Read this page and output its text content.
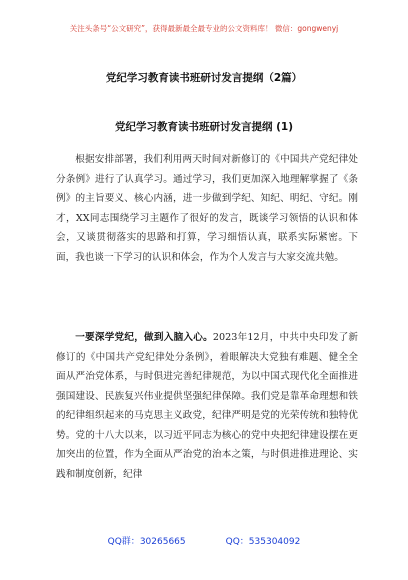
关注头条号“公文研究”，获得最新最全最专业的公文资料库！ 微信：gongwenyj
党纪学习教育读书班研讨发言提纲（2篇）
党纪学习教育读书班研讨发言提纲 (1)

根据安排部署，我们利用两天时间对新修订的《中国共产党纪律处分条例》进行了认真学习。通过学习，我们更加深入地理解掌握了《条例》的主旨要义、核心内涵，进一步做到学纪、知纪、明纪、守纪。刚才，XX同志围绕学习主题作了很好的发言，既谈学习领悟的认识和体会，又谈贯彻落实的思路和打算，学习细悟认真，联系实际紧密。下面，我也谈一下学习的认识和体会，作为个人发言与大家交流共勉。

一要深学党纪，做到入脑入心。2023年12月，中共中央印发了新修订的《中国共产党纪律处分条例》，着眼解决大党独有难题、健全全面从严治党体系，与时俱进完善纪律规范，为以中国式现代化全面推进强国建设、民族复兴伟业提供坚强纪律保障。我们党是靠革命理想和铁的纪律组织起来的马克思主义政党，纪律严明是党的光荣传统和独特优势。党的十八大以来，以习近平同志为核心的党中央把纪律建设摆在更加突出的位置，作为全面从严治党的治本之策，与时俱进推进理论、实践和制度创新，纪律

QQ群：30265665	QQ：535304092
